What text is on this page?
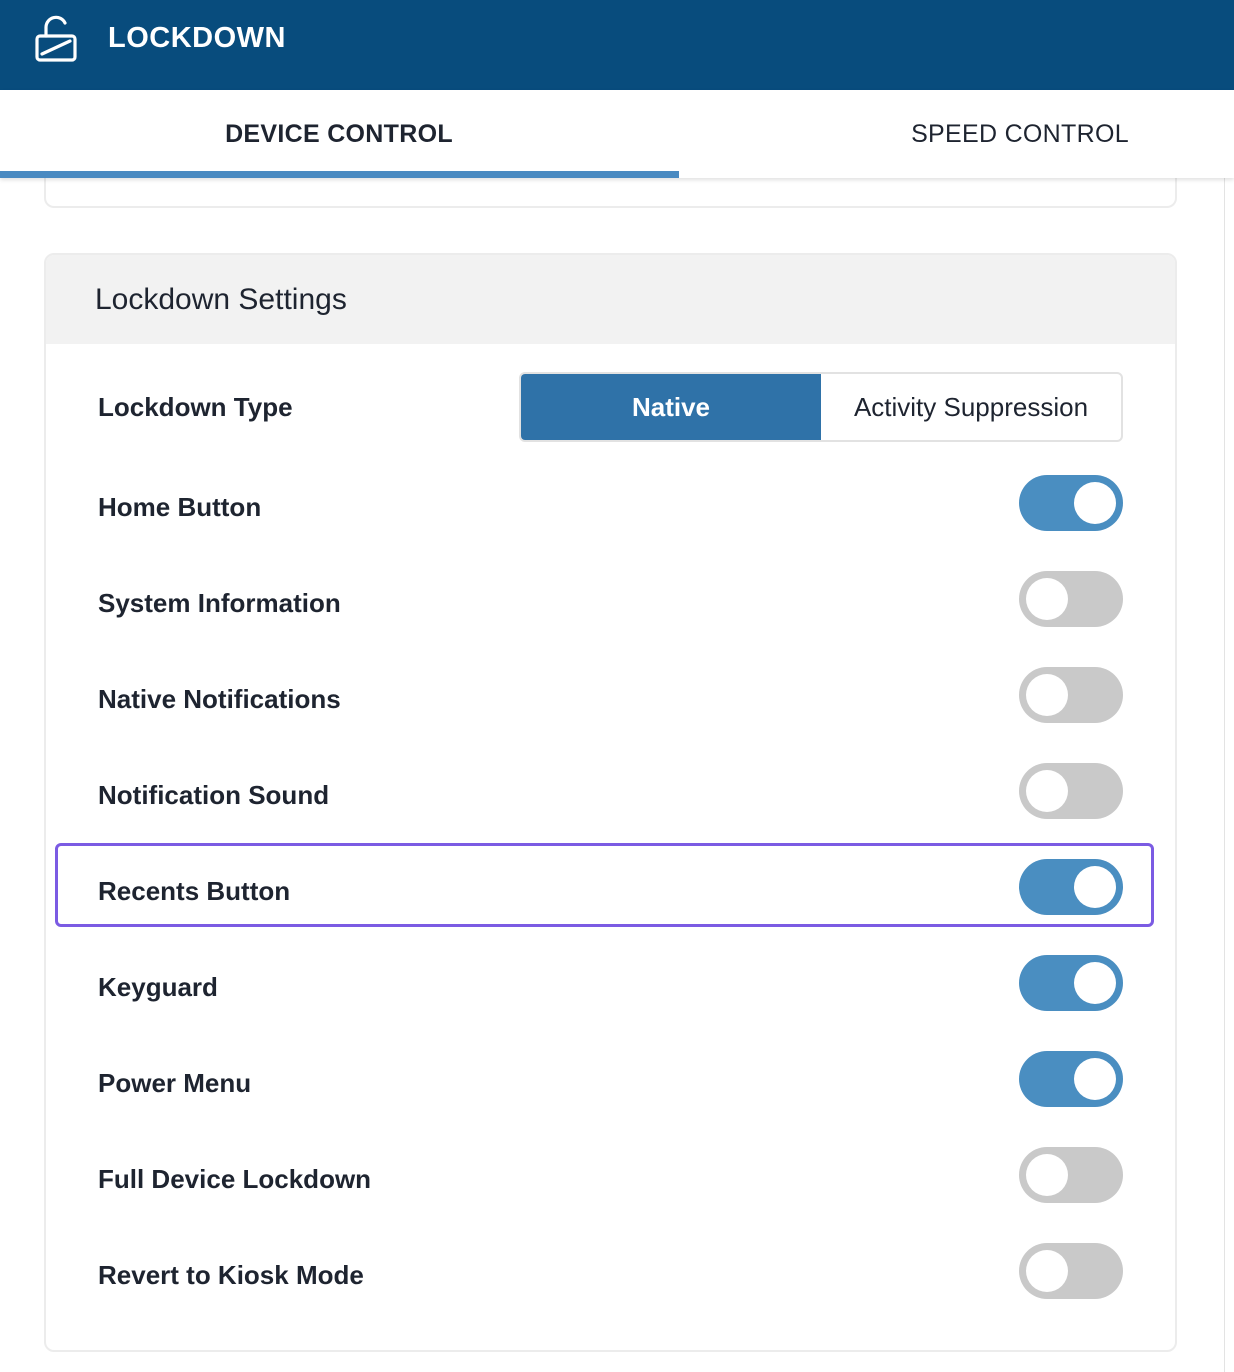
LOCKDOWN
DEVICE CONTROL	SPEED CONTROL
Lockdown Settings
Lockdown Type	Native	Activity Suppression
Home Button
System Information
Native Notifications
Notification Sound
Recents Button
Keyguard
Power Menu
Full Device Lockdown
Revert to Kiosk Mode
